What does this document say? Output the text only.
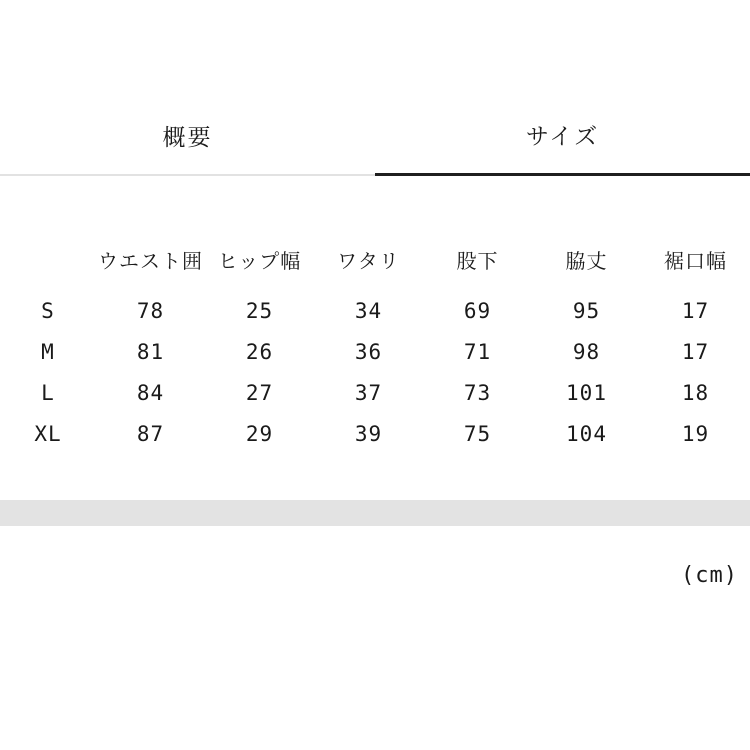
概要	サイズ
	ウエスト囲	ヒップ幅	ワタリ	股下	脇丈	裾口幅
S	78	25	34	69	95	17
M	81	26	36	71	98	17
L	84	27	37	73	101	18
XL	87	29	39	75	104	19
(cm)
